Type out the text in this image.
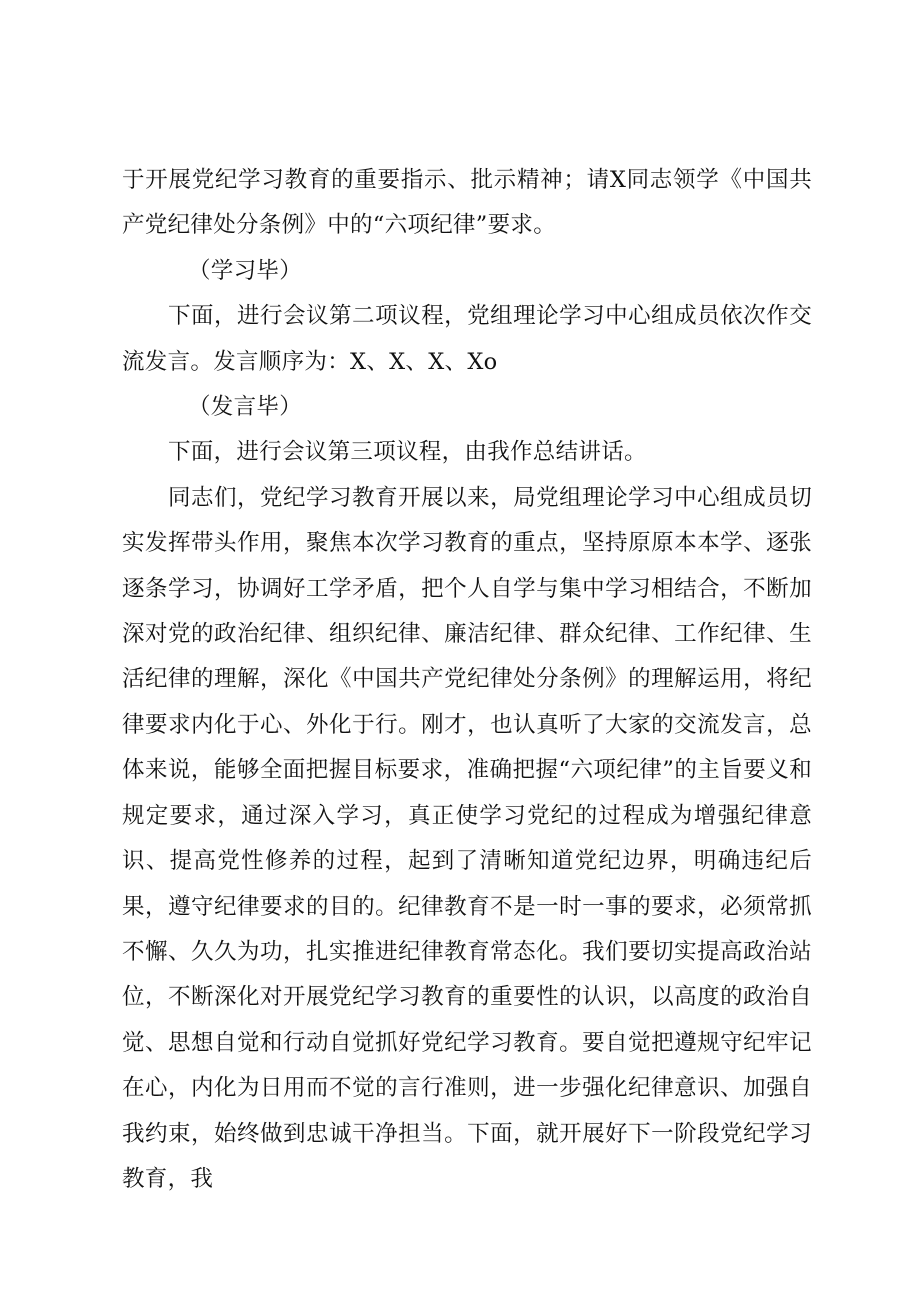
于开展党纪学习教育的重要指示、批示精神；请X同志领学《中国共产党纪律处分条例》中的“六项纪律”要求。

（学习毕）

下面，进行会议第二项议程，党组理论学习中心组成员依次作交流发言。发言顺序为：X、X、X、Xo

（发言毕）

下面，进行会议第三项议程，由我作总结讲话。

同志们，党纪学习教育开展以来，局党组理论学习中心组成员切实发挥带头作用，聚焦本次学习教育的重点，坚持原原本本学、逐张逐条学习，协调好工学矛盾，把个人自学与集中学习相结合，不断加深对党的政治纪律、组织纪律、廉洁纪律、群众纪律、工作纪律、生活纪律的理解，深化《中国共产党纪律处分条例》的理解运用，将纪律要求内化于心、外化于行。刚才，也认真听了大家的交流发言，总体来说，能够全面把握目标要求，准确把握“六项纪律”的主旨要义和规定要求，通过深入学习，真正使学习党纪的过程成为增强纪律意识、提高党性修养的过程，起到了清晰知道党纪边界，明确违纪后果，遵守纪律要求的目的。纪律教育不是一时一事的要求，必须常抓不懈、久久为功，扎实推进纪律教育常态化。我们要切实提高政治站位，不断深化对开展党纪学习教育的重要性的认识，以高度的政治自觉、思想自觉和行动自觉抓好党纪学习教育。要自觉把遵规守纪牢记在心，内化为日用而不觉的言行准则，进一步强化纪律意识、加强自我约束，始终做到忠诚干净担当。下面，就开展好下一阶段党纪学习教育，我
